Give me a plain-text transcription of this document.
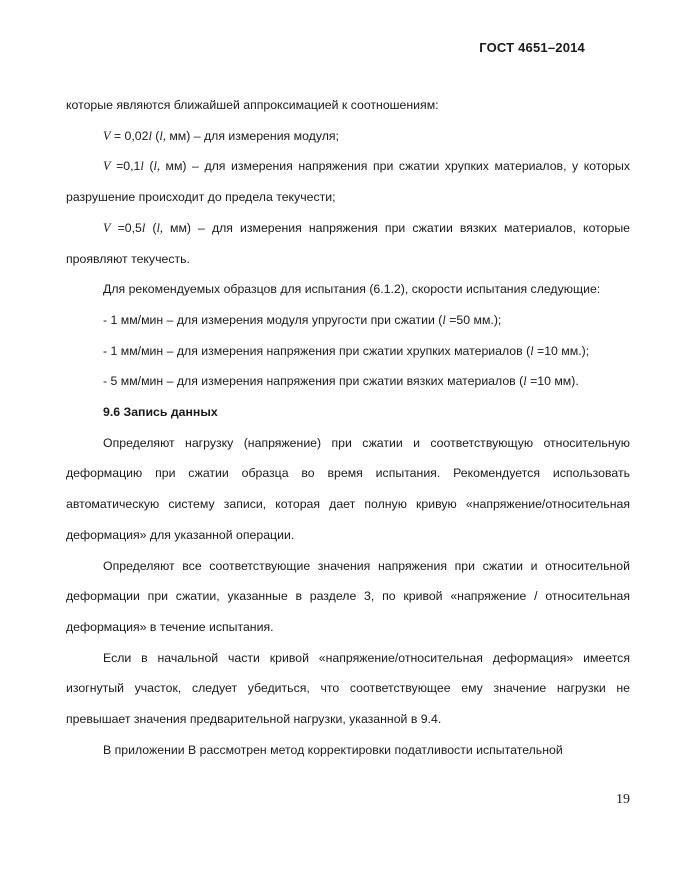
ГОСТ 4651–2014

которые являются ближайшей аппроксимацией к соотношениям:

V = 0,02l (l, мм) – для измерения модуля;

V =0,1l (l, мм) – для измерения напряжения при сжатии хрупких материалов, у которых разрушение происходит до предела текучести;

V =0,5l (l, мм) – для измерения напряжения при сжатии вязких материалов, которые проявляют текучесть.

Для рекомендуемых образцов для испытания (6.1.2), скорости испытания следующие:

- 1 мм/мин – для измерения модуля упругости при сжатии (l =50 мм.);

- 1 мм/мин – для измерения напряжения при сжатии хрупких материалов (l =10 мм.);

- 5 мм/мин – для измерения напряжения при сжатии вязких материалов (l =10 мм).

9.6 Запись данных

Определяют нагрузку (напряжение) при сжатии и соответствующую относительную деформацию при сжатии образца во время испытания. Рекомендуется использовать автоматическую систему записи, которая дает полную кривую «напряжение/относительная деформация» для указанной операции.

Определяют все соответствующие значения напряжения при сжатии и относительной деформации при сжатии, указанные в разделе 3, по кривой «напряжение / относительная деформация» в течение испытания.

Если в начальной части кривой «напряжение/относительная деформация» имеется изогнутый участок, следует убедиться, что соответствующее ему значение нагрузки не превышает значения предварительной нагрузки, указанной в 9.4.

В приложении В рассмотрен метод корректировки податливости испытательной

19
